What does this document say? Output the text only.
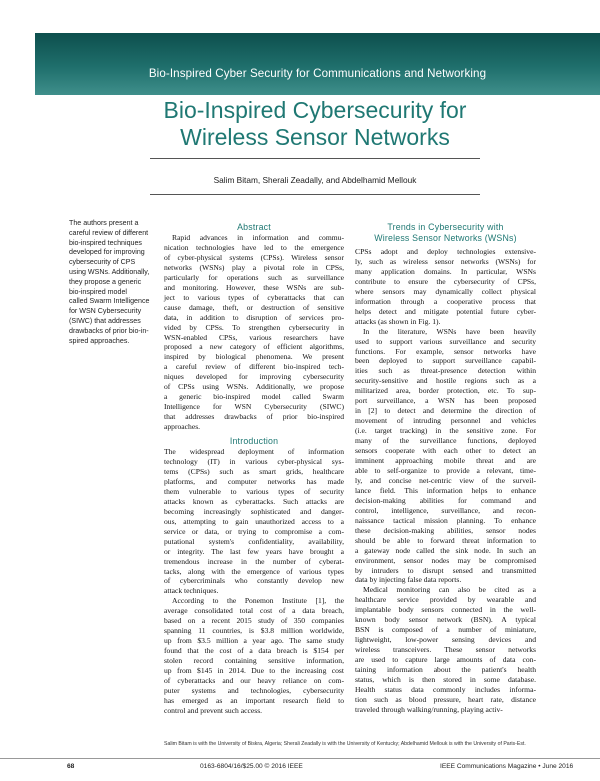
Bio-Inspired Cyber Security for Communications and Networking
Bio-Inspired Cybersecurity for
Wireless Sensor Networks
Salim Bitam, Sherali Zeadally, and Abdelhamid Mellouk
The authors present a
careful review of different
bio-inspired techniques
developed for improving
cybersecurity of CPS
using WSNs. Additionally,
they propose a generic
bio-inspired model
called Swarm Intelligence
for WSN Cybersecurity
(SIWC) that addresses
drawbacks of prior bio-in-
spired approaches.
Abstract
Rapid advances in information and commu-
nication technologies have led to the emergence
of cyber-physical systems (CPSs). Wireless sensor
networks (WSNs) play a pivotal role in CPSs,
particularly for operations such as surveillance
and monitoring. However, these WSNs are sub-
ject to various types of cyberattacks that can
cause damage, theft, or destruction of sensitive
data, in addition to disruption of services pro-
vided by CPSs. To strengthen cybersecurity in
WSN-enabled CPSs, various researchers have
proposed a new category of efficient algorithms,
inspired by biological phenomena. We present
a careful review of different bio-inspired tech-
niques developed for improving cybersecurity
of CPSs using WSNs. Additionally, we propose
a generic bio-inspired model called Swarm
Intelligence for WSN Cybersecurity (SIWC)
that addresses drawbacks of prior bio-inspired
approaches.
Introduction
The widespread deployment of information
technology (IT) in various cyber-physical sys-
tems (CPSs) such as smart grids, healthcare
platforms, and computer networks has made
them vulnerable to various types of security
attacks known as cyberattacks. Such attacks are
becoming increasingly sophisticated and danger-
ous, attempting to gain unauthorized access to a
service or data, or trying to compromise a com-
putational system's confidentiality, availability,
or integrity. The last few years have brought a
tremendous increase in the number of cyberat-
tacks, along with the emergence of various types
of cybercriminals who constantly develop new
attack techniques.
According to the Ponemon Institute [1], the
average consolidated total cost of a data breach,
based on a recent 2015 study of 350 companies
spanning 11 countries, is $3.8 million worldwide,
up from $3.5 million a year ago. The same study
found that the cost of a data breach is $154 per
stolen record containing sensitive information,
up from $145 in 2014. Due to the increasing cost
of cyberattacks and our heavy reliance on com-
puter systems and technologies, cybersecurity
has emerged as an important research field to
control and prevent such access.
Trends in Cybersecurity with
Wireless Sensor Networks (WSNs)
CPSs adopt and deploy technologies extensive-
ly, such as wireless sensor networks (WSNs) for
many application domains. In particular, WSNs
contribute to ensure the cybersecurity of CPSs,
where sensors may dynamically collect physical
information through a cooperative process that
helps detect and mitigate potential future cyber-
attacks (as shown in Fig. 1).
In the literature, WSNs have been heavily
used to support various surveillance and security
functions. For example, sensor networks have
been deployed to support surveillance capabil-
ities such as threat-presence detection within
security-sensitive and hostile regions such as a
militarized area, border protection, etc. To sup-
port surveillance, a WSN has been proposed
in [2] to detect and determine the direction of
movement of intruding personnel and vehicles
(i.e. target tracking) in the sensitive zone. For
many of the surveillance functions, deployed
sensors cooperate with each other to detect an
imminent approaching mobile threat and are
able to self-organize to provide a relevant, time-
ly, and concise net-centric view of the surveil-
lance field. This information helps to enhance
decision-making abilities for command and
control, intelligence, surveillance, and recon-
naissance tactical mission planning. To enhance
these decision-making abilities, sensor nodes
should be able to forward threat information to
a gateway node called the sink node. In such an
environment, sensor nodes may be compromised
by intruders to disrupt sensed and transmitted
data by injecting false data reports.
Medical monitoring can also be cited as a
healthcare service provided by wearable and
implantable body sensors connected in the well-
known body sensor network (BSN). A typical
BSN is composed of a number of miniature,
lightweight, low-power sensing devices and
wireless transceivers. These sensor networks
are used to capture large amounts of data con-
taining information about the patient's health
status, which is then stored in some database.
Health status data commonly includes informa-
tion such as blood pressure, heart rate, distance
traveled through walking/running, playing activ-
Salim Bitam is with the University of Biskra, Algeria; Sherali Zeadally is with the University of Kentucky; Abdelhamid Mellouk is with the University of Paris-Est.
68	0163-6804/16/$25.00 © 2016 IEEE	IEEE Communications Magazine • June 2016
